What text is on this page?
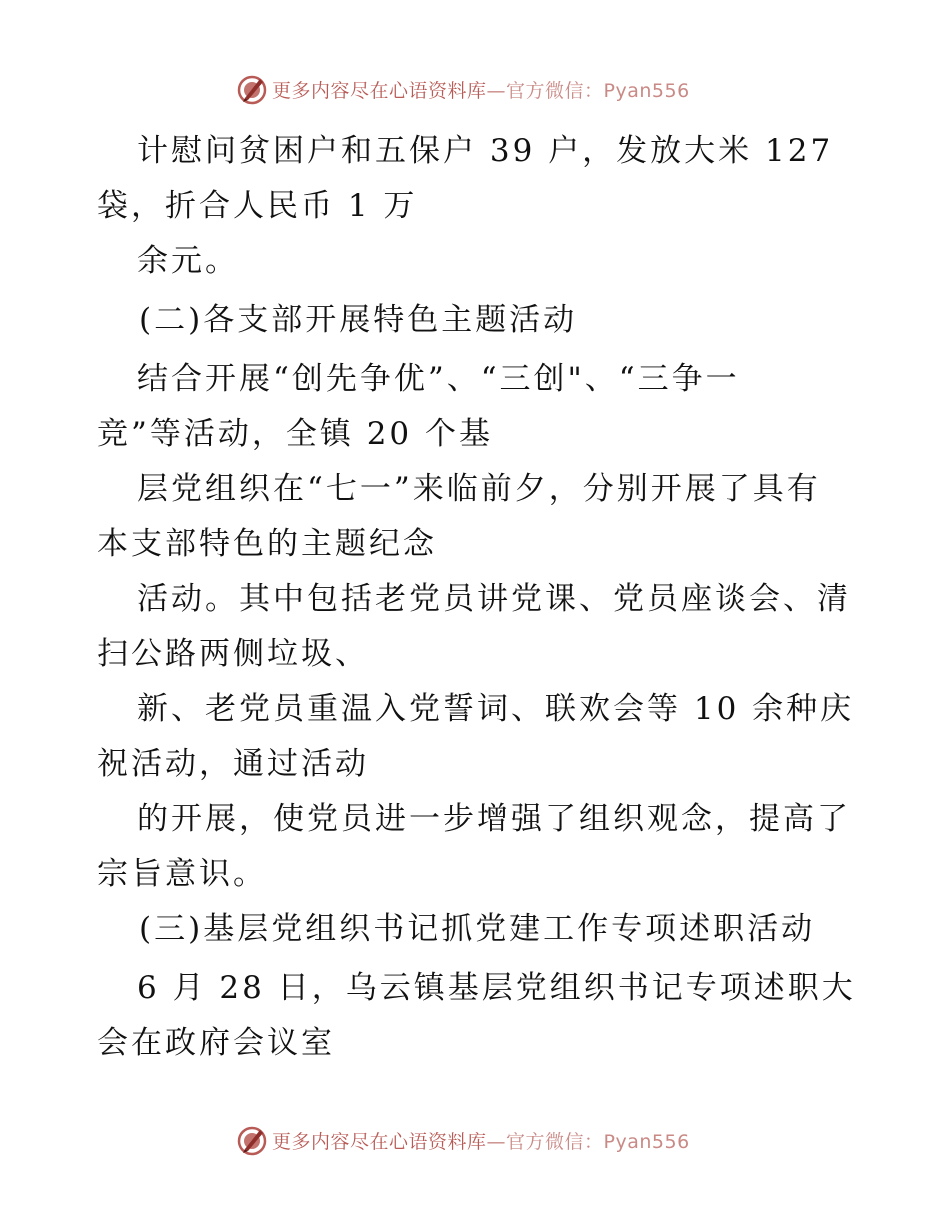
更多内容尽在心语资料库—官方微信：Pyan556
计慰问贫困户和五保户 39 户，发放大米 127
袋，折合人民币 1 万
余元。
(二)各支部开展特色主题活动
结合开展“创先争优”、“三创"、“三争一
竞”等活动，全镇 20 个基
层党组织在“七一”来临前夕，分别开展了具有
本支部特色的主题纪念
活动。其中包括老党员讲党课、党员座谈会、清
扫公路两侧垃圾、
新、老党员重温入党誓词、联欢会等 10 余种庆
祝活动，通过活动
的开展，使党员进一步增强了组织观念，提高了
宗旨意识。
(三)基层党组织书记抓党建工作专项述职活动
6 月 28 日，乌云镇基层党组织书记专项述职大
会在政府会议室
更多内容尽在心语资料库—官方微信：Pyan556
